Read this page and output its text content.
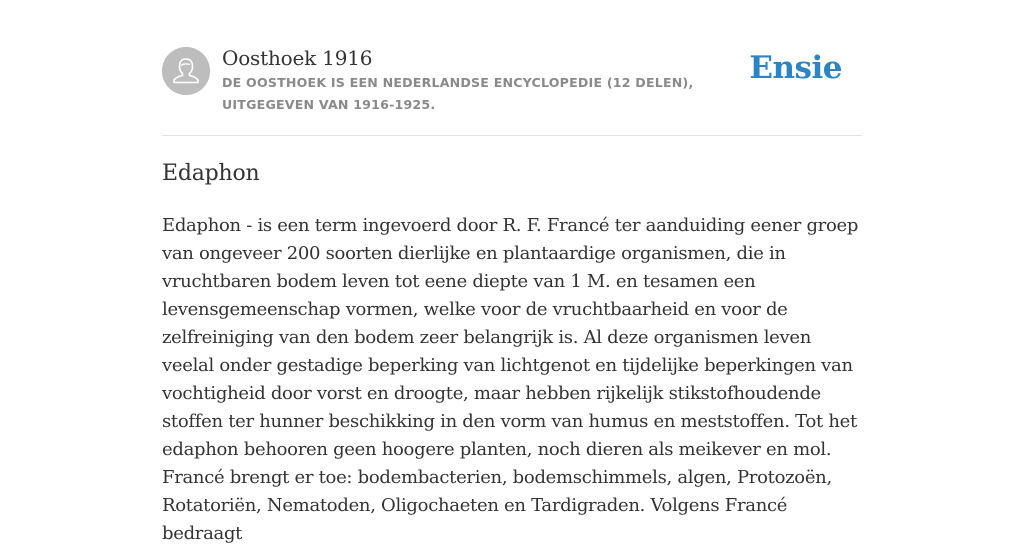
Oosthoek 1916

DE OOSTHOEK IS EEN NEDERLANDSE ENCYCLOPEDIE (12 DELEN), UITGEGEVEN VAN 1916-1925.

Ensie
Edaphon

Edaphon - is een term ingevoerd door R. F. Francé ter aanduiding eener groep van ongeveer 200 soorten dierlijke en plantaardige organismen, die in vruchtbaren bodem leven tot eene diepte van 1 M. en tesamen een levensgemeenschap vormen, welke voor de vruchtbaarheid en voor de zelfreiniging van den bodem zeer belangrijk is. Al deze organismen leven veelal onder gestadige beperking van lichtgenot en tijdelijke beperkingen van vochtigheid door vorst en droogte, maar hebben rijkelijk stikstofhoudende stoffen ter hunner beschikking in den vorm van humus en meststoffen. Tot het edaphon behooren geen hoogere planten, noch dieren als meikever en mol. Francé brengt er toe: bodembacterien, bodemschimmels, algen, Protozoën, Rotatoriën, Nematoden, Oligochaeten en Tardigraden. Volgens Francé bedraagt
